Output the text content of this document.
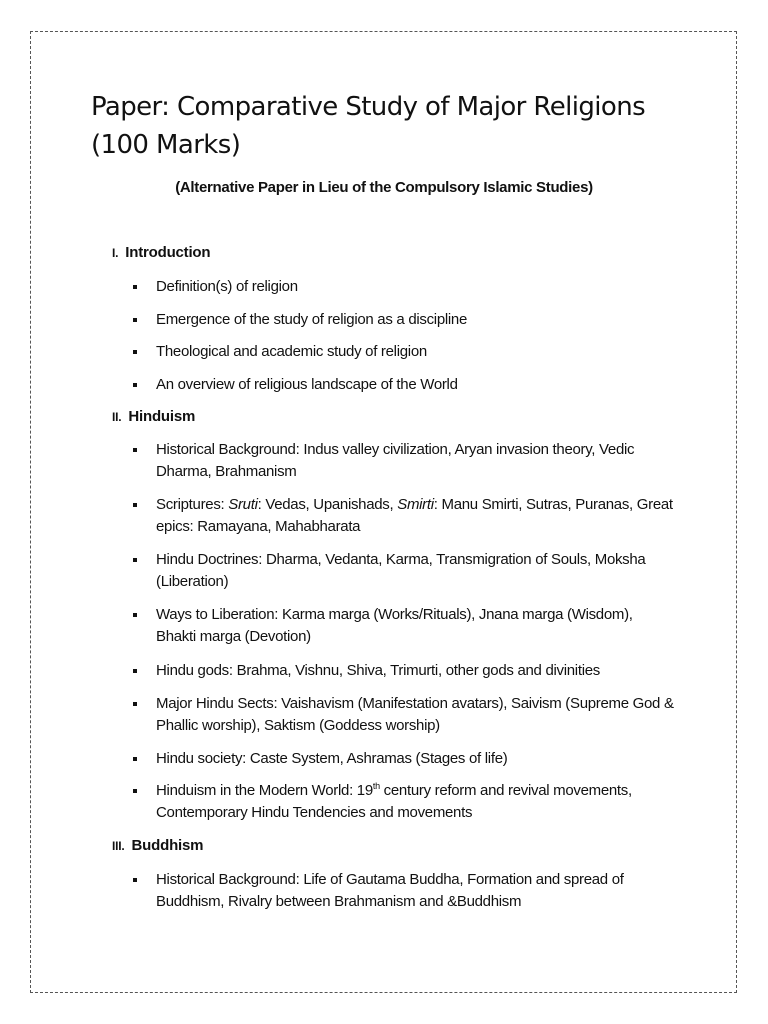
Paper: Comparative Study of Major Religions
(100 Marks)
(Alternative Paper in Lieu of the Compulsory Islamic Studies)
I. Introduction
Definition(s) of religion
Emergence of the study of religion as a discipline
Theological and academic study of religion
An overview of religious landscape of the World
II. Hinduism
Historical Background: Indus valley civilization, Aryan invasion theory, Vedic
Dharma, Brahmanism
Scriptures: Sruti: Vedas, Upanishads, Smirti: Manu Smirti, Sutras, Puranas, Great
epics: Ramayana, Mahabharata
Hindu Doctrines: Dharma, Vedanta, Karma, Transmigration of Souls, Moksha
(Liberation)
Ways to Liberation: Karma marga (Works/Rituals), Jnana marga (Wisdom),
Bhakti marga (Devotion)
Hindu gods: Brahma, Vishnu, Shiva, Trimurti, other gods and divinities
Major Hindu Sects: Vaishavism (Manifestation avatars), Saivism (Supreme God &
Phallic worship), Saktism (Goddess worship)
Hindu society: Caste System, Ashramas (Stages of life)
Hinduism in the Modern World: 19th century reform and revival movements,
Contemporary Hindu Tendencies and movements
III. Buddhism
Historical Background: Life of Gautama Buddha, Formation and spread of
Buddhism, Rivalry between Brahmanism and &Buddhism
